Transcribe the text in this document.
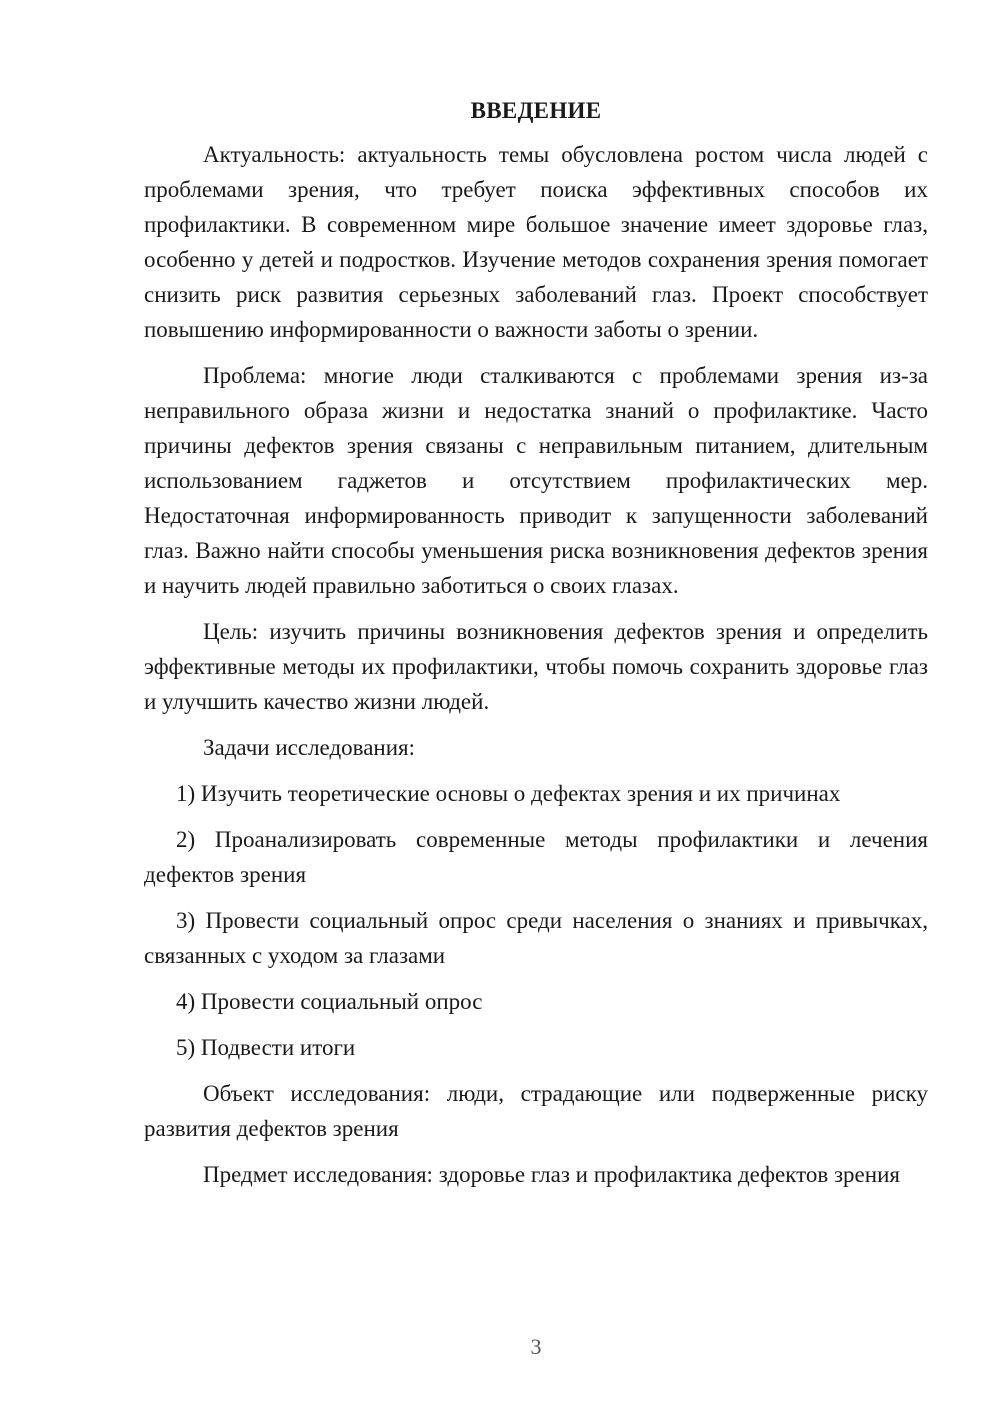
ВВЕДЕНИЕ

Актуальность: актуальность темы обусловлена ростом числа людей с проблемами зрения, что требует поиска эффективных способов их профилактики. В современном мире большое значение имеет здоровье глаз, особенно у детей и подростков. Изучение методов сохранения зрения помогает снизить риск развития серьезных заболеваний глаз. Проект способствует повышению информированности о важности заботы о зрении.

Проблема: многие люди сталкиваются с проблемами зрения из-за неправильного образа жизни и недостатка знаний о профилактике. Часто причины дефектов зрения связаны с неправильным питанием, длительным использованием гаджетов и отсутствием профилактических мер. Недостаточная информированность приводит к запущенности заболеваний глаз. Важно найти способы уменьшения риска возникновения дефектов зрения и научить людей правильно заботиться о своих глазах.

Цель: изучить причины возникновения дефектов зрения и определить эффективные методы их профилактики, чтобы помочь сохранить здоровье глаз и улучшить качество жизни людей.

Задачи исследования:

1) Изучить теоретические основы о дефектах зрения и их причинах

2) Проанализировать современные методы профилактики и лечения дефектов зрения

3) Провести социальный опрос среди населения о знаниях и привычках, связанных с уходом за глазами

4) Провести социальный опрос

5) Подвести итоги

Объект исследования: люди, страдающие или подверженные риску развития дефектов зрения

Предмет исследования: здоровье глаз и профилактика дефектов зрения

3
